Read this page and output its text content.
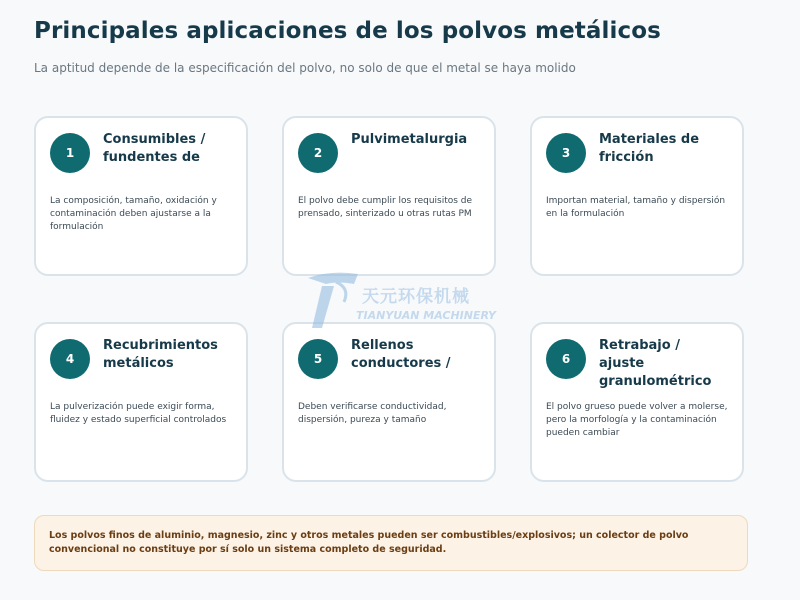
Principales aplicaciones de los polvos metálicos

La aptitud depende de la especificación del polvo, no solo de que el metal se haya molido

1
Consumibles / fundentes de
La composición, tamaño, oxidación y contaminación deben ajustarse a la formulación
2
Pulvimetalurgia
El polvo debe cumplir los requisitos de prensado, sinterizado u otras rutas PM
3
Materiales de fricción
Importan material, tamaño y dispersión en la formulación
4
Recubrimientos metálicos
La pulverización puede exigir forma, fluidez y estado superficial controlados
5
Rellenos conductores /
Deben verificarse conductividad, dispersión, pureza y tamaño
6
Retrabajo / ajuste granulométrico
El polvo grueso puede volver a molerse, pero la morfología y la contaminación pueden cambiar
Los polvos finos de aluminio, magnesio, zinc y otros metales pueden ser combustibles/explosivos; un colector de polvo convencional no constituye por sí solo un sistema completo de seguridad.
天元环保机械
TIANYUAN MACHINERY
